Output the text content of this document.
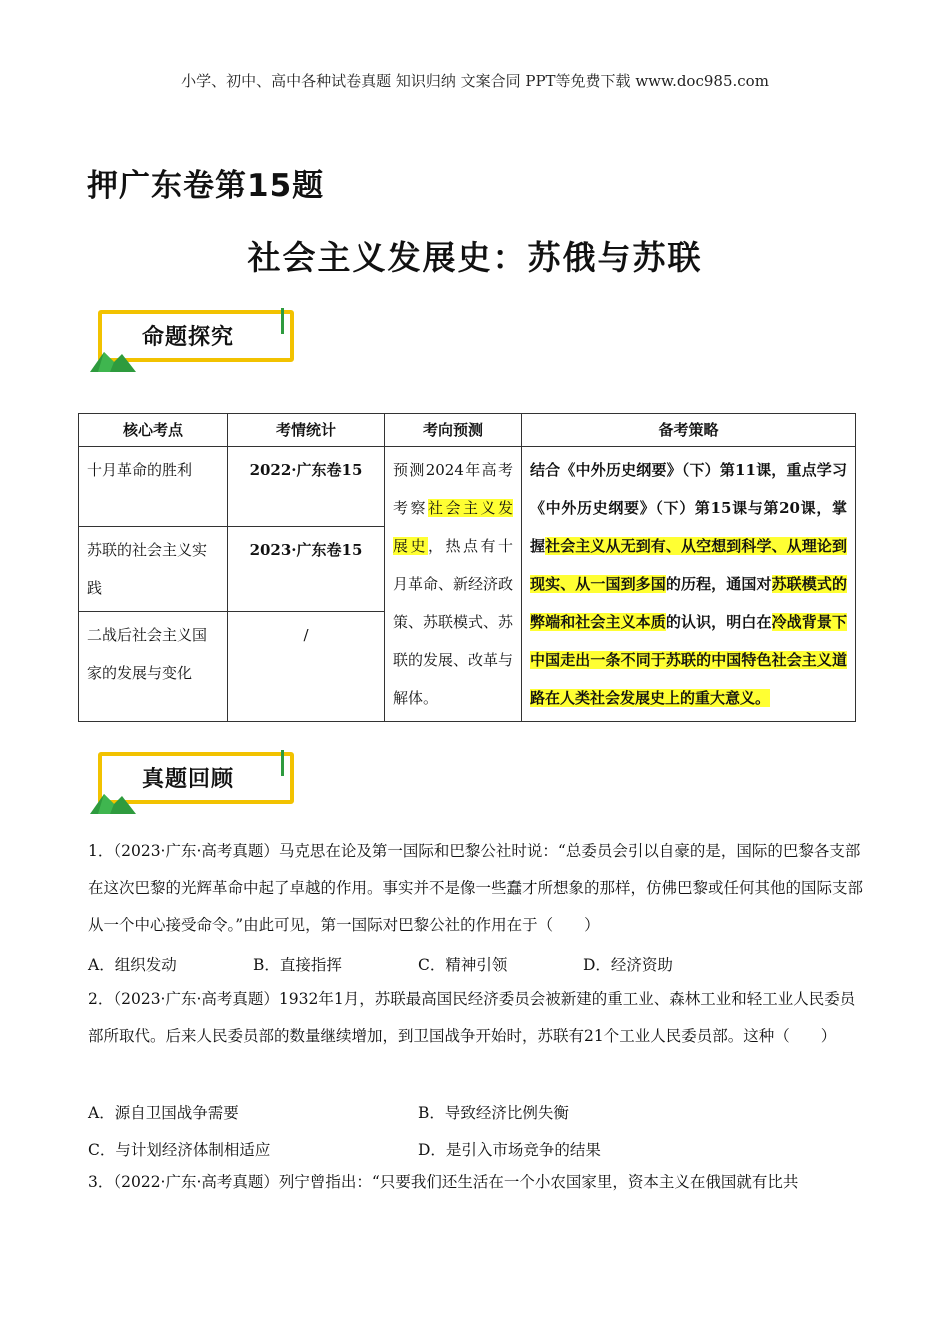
小学、初中、高中各种试卷真题 知识归纳 文案合同 PPT等免费下载 www.doc985.com
押广东卷第15题
社会主义发展史：苏俄与苏联
命题探究
核心考点	考情统计	考向预测	备考策略
十月革命的胜利	2022·广东卷15	预测2024年高考考察社会主义发展史，热点有十月革命、新经济政策、苏联模式、苏联的发展、改革与解体。	结合《中外历史纲要》（下）第11课，重点学习《中外历史纲要》（下）第15课与第20课，掌握社会主义从无到有、从空想到科学、从理论到现实、从一国到多国的历程，通国对苏联模式的弊端和社会主义本质的认识，明白在冷战背景下中国走出一条不同于苏联的中国特色社会主义道路在人类社会发展史上的重大意义。
苏联的社会主义实践	2023·广东卷15		
二战后社会主义国家的发展与变化	/		
真题回顾
1．（2023·广东·高考真题）马克思在论及第一国际和巴黎公社时说：“总委员会引以自豪的是，国际的巴黎各支部在这次巴黎的光辉革命中起了卓越的作用。事实并不是像一些蠢才所想象的那样，仿佛巴黎或任何其他的国际支部从一个中心接受命令。”由此可见，第一国际对巴黎公社的作用在于（　　）
A．组织发动	B．直接指挥	C．精神引领	D．经济资助
2．（2023·广东·高考真题）1932年1月，苏联最高国民经济委员会被新建的重工业、森林工业和轻工业人民委员部所取代。后来人民委员部的数量继续增加，到卫国战争开始时，苏联有21个工业人民委员部。这种（　　）
A．源自卫国战争需要	B．导致经济比例失衡
C．与计划经济体制相适应	D．是引入市场竞争的结果
3．（2022·广东·高考真题）列宁曾指出：“只要我们还生活在一个小农国家里，资本主义在俄国就有比共
